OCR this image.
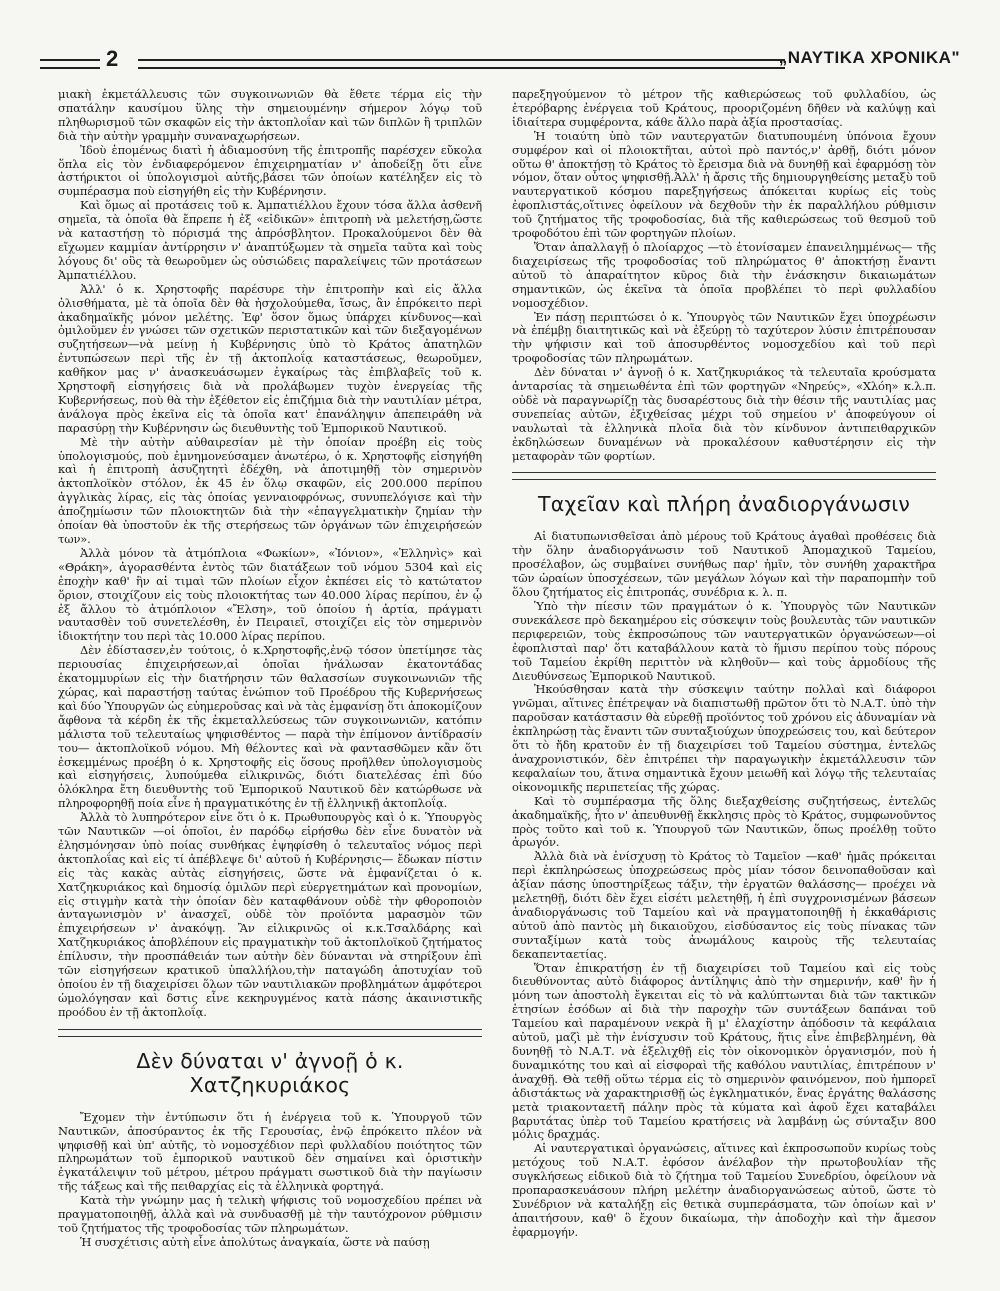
2	„ΝΑΥΤΙΚΑ ΧΡΟΝΙΚΑ"

μιακὴ ἐκμετάλλευσις τῶν συγκοινωνιῶν θὰ ἔθετε τέρμα εἰς τὴν σπατάλην καυσίμου ὕλης τὴν σημειουμένην σήμερον λόγῳ τοῦ πληθωρισμοῦ τῶν σκαφῶν εἰς τὴν ἀκτοπλοΐαν καὶ τῶν διπλῶν ἢ τριπλῶν διὰ τὴν αὐτὴν γραμμὴν συναναχωρήσεων.

Ἰδοὺ ἑπομένως διατὶ ἡ ἀδιαμοσύνη τῆς ἐπιτροπῆς παρέσχεν εὔκολα ὅπλα εἰς τὸν ἐνδιαφερόμενον ἐπιχειρηματίαν ν' ἀποδείξῃ ὅτι εἶνε ἀστήρικτοι οἱ ὑπολογισμοὶ αὐτῆς,βάσει τῶν ὁποίων κατέληξεν εἰς τὸ συμπέρασμα ποὺ εἰσηγήθη εἰς τὴν Κυβέρνησιν.

Καὶ ὅμως αἱ προτάσεις τοῦ κ. Ἀμπατιέλλου ἔχουν τόσα ἄλλα ἀσθενῆ σημεῖα, τὰ ὁποῖα θὰ ἔπρεπε ἡ ἐξ «εἰδικῶν» ἐπιτροπὴ νὰ μελετήσῃ,ὥστε νὰ καταστήσῃ τὸ πόρισμά της ἀπρόσβλητον. Προκαλούμενοι δὲν θὰ εἴχωμεν καμμίαν ἀντίρρησιν ν' ἀναπτύξωμεν τὰ σημεῖα ταῦτα καὶ τοὺς λόγους δι' οὓς τὰ θεωροῦμεν ὡς οὐσιώδεις παραλείψεις τῶν προτάσεων Ἀμπατιέλλου.

Ἀλλ' ὁ κ. Χρηστοφῆς παρέσυρε τὴν ἐπιτροπὴν καὶ εἰς ἄλλα ὀλισθήματα, μὲ τὰ ὁποῖα δὲν θὰ ἠσχολούμεθα, ἴσως, ἂν ἐπρόκειτο περὶ ἀκαδημαϊκῆς μόνον μελέτης. Ἐφ' ὅσον ὅμως ὑπάρχει κίνδυνος—καὶ ὁμιλοῦμεν ἐν γνώσει τῶν σχετικῶν περιστατικῶν καὶ τῶν διεξαγομένων συζητήσεων—νὰ μείνῃ ἡ Κυβέρνησις ὑπὸ τὸ Κράτος ἀπατηλῶν ἐντυπώσεων περὶ τῆς ἐν τῇ ἀκτοπλοΐᾳ καταστάσεως, θεωροῦμεν, καθῆκον μας ν' ἀνασκευάσωμεν ἐγκαίρως τὰς ἐπιβλαβεῖς τοῦ κ. Χρηστοφῆ εἰσηγήσεις διὰ νὰ προλάβωμεν τυχὸν ἐνεργείας τῆς Κυβερνήσεως, ποὺ θὰ τὴν ἐξέθετον εἰς ἐπιζήμια διὰ τὴν ναυτιλίαν μέτρα, ἀνάλογα πρὸς ἐκεῖνα εἰς τὰ ὁποῖα κατ' ἐπανάληψιν ἀπεπειράθη νὰ παρασύρῃ τὴν Κυβέρνησιν ὡς διευθυντὴς τοῦ Ἐμπορικοῦ Ναυτικοῦ.

Μὲ τὴν αὐτὴν αὐθαιρεσίαν μὲ τὴν ὁποίαν προέβη εἰς τοὺς ὑπολογισμούς, ποὺ ἐμνημονεύσαμεν ἀνωτέρω, ὁ κ. Χρηστοφῆς εἰσηγήθη καὶ ἡ ἐπιτροπὴ ἀσυζητητὶ ἐδέχθη, νὰ ἀποτιμηθῇ τὸν σημερινὸν ἀκτοπλοϊκὸν στόλον, ἐκ 45 ἐν ὅλῳ σκαφῶν, εἰς 200.000 περίπου ἀγγλικὰς λίρας, εἰς τὰς ὁποίας γενναιοφρόνως, συνυπελόγισε καὶ τὴν ἀποζημίωσιν τῶν πλοιοκτητῶν διὰ τὴν «ἐπαγγελματικὴν ζημίαν τὴν ὁποίαν θὰ ὑποστοῦν ἐκ τῆς στερήσεως τῶν ὀργάνων τῶν ἐπιχειρήσεών των».

Ἀλλὰ μόνον τὰ ἀτμόπλοια «Φωκίων», «Ἰόνιον», «Ἑλληνὶς» καὶ «Θράκη», ἀγορασθέντα ἐντὸς τῶν διατάξεων τοῦ νόμου 5304 καὶ εἰς ἐποχὴν καθ' ἣν αἱ τιμαὶ τῶν πλοίων εἶχον ἐκπέσει εἰς τὸ κατώτατον ὅριον, στοιχίζουν εἰς τοὺς πλοιοκτήτας των 40.000 λίρας περίπου, ἐν ᾧ ἐξ ἄλλου τὸ ἀτμόπλοιον «Ἔλση», τοῦ ὁποίου ἡ ἀρτία, πράγματι ναυτασθὲν τοῦ συνετελέσθη, ἐν Πειραιεῖ, στοιχίζει εἰς τὸν σημερινὸν ἰδιοκτήτην του περὶ τὰς 10.000 λίρας περίπου.

Δὲν ἐδίστασεν,ἐν τούτοις, ὁ κ.Χρηστοφῆς,ἐνῷ τόσον ὑπετίμησε τὰς περιουσίας ἐπιχειρήσεων,αἱ ὁποῖαι ἠνάλωσαν ἑκατοντάδας ἑκατομμυρίων εἰς τὴν διατήρησιν τῶν θαλασσίων συγκοινωνιῶν τῆς χώρας, καὶ παραστήσῃ ταύτας ἐνώπιον τοῦ Προέδρου τῆς Κυβερνήσεως καὶ δύο Ὑπουργῶν ὡς εὐημεροῦσας καὶ νὰ τὰς ἐμφανίσῃ ὅτι ἀποκομίζουν ἄφθονα τὰ κέρδη ἐκ τῆς ἐκμεταλλεύσεως τῶν συγκοινωνιῶν, κατόπιν μάλιστα τοῦ τελευταίως ψηφισθέντος — παρὰ τὴν ἐπίμονον ἀντίδρασίν του— ἀκτοπλοϊκοῦ νόμου. Μὴ θέλοντες καὶ νὰ φαντασθῶμεν κἂν ὅτι ἐσκεμμένως προέβη ὁ κ. Χρηστοφῆς εἰς ὅσους προῆλθεν ὑπολογισμοὺς καὶ εἰσηγήσεις, λυπούμεθα εἰλικρινῶς, διότι διατελέσας ἐπὶ δύο ὁλόκληρα ἔτη διευθυντὴς τοῦ Ἐμπορικοῦ Ναυτικοῦ δὲν κατώρθωσε νὰ πληροφορηθῇ ποία εἶνε ἡ πραγματικότης ἐν τῇ ἑλληνικῇ ἀκτοπλοΐᾳ.

Ἀλλὰ τὸ λυπηρότερον εἶνε ὅτι ὁ κ. Πρωθυπουργὸς καὶ ὁ κ. Ὑπουργὸς τῶν Ναυτικῶν —οἱ ὁποῖοι, ἐν παρόδῳ εἰρήσθω δὲν εἶνε δυνατὸν νὰ ἐλησμόνησαν ὑπὸ ποίας συνθήκας ἐψηφίσθη ὁ τελευταῖος νόμος περὶ ἀκτοπλοΐας καὶ εἰς τί ἀπέβλεψε δι' αὐτοῦ ἡ Κυβέρνησις— ἔδωκαν πίστιν εἰς τὰς κακὰς αὐτὰς εἰσηγήσεις, ὥστε νὰ ἐμφανίζεται ὁ κ. Χατζηκυριάκος καὶ δημοσίᾳ ὁμιλῶν περὶ εὐεργετημάτων καὶ προνομίων, εἰς στιγμὴν κατὰ τὴν ὁποίαν δὲν καταφθάνουν οὐδὲ τὴν φθοροποιὸν ἀνταγωνισμὸν ν' ἀνασχεῖ, οὐδὲ τὸν προϊόντα μαρασμὸν τῶν ἐπιχειρήσεων ν' ἀνακόψῃ. Ἂν εἰλικρινῶς οἱ κ.κ.Τσαλδάρης καὶ Χατζηκυριάκος ἀποβλέπουν εἰς πραγματικὴν τοῦ ἀκτοπλοϊκοῦ ζητήματος ἐπίλυσιν, τὴν προσπάθειάν των αὐτὴν δὲν δύνανται νὰ στηρίξουν ἐπὶ τῶν εἰσηγήσεων κρατικοῦ ὑπαλλήλου,τὴν παταγώδη ἀποτυχίαν τοῦ ὁποίου ἐν τῇ διαχειρίσει ὅλων τῶν ναυτιλιακῶν προβλημάτων ἀμφότεροι ὡμολόγησαν καὶ δστις εἶνε κεκηρυγμένος κατὰ πάσης ἀκαινιστικῆς προόδου ἐν τῇ ἀκτοπλοΐᾳ.

Δὲν δύναται ν' ἀγνοῇ ὁ κ. Χατζηκυριάκος

Ἔχομεν τὴν ἐντύπωσιν ὅτι ἡ ἐνέργεια τοῦ κ. Ὑπουργοῦ τῶν Ναυτικῶν, ἀποσύραντος ἐκ τῆς Γερουσίας, ἐνῷ ἐπρόκειτο πλέον νὰ ψηφισθῇ καὶ ὑπ' αὐτῆς, τὸ νομοσχέδιον περὶ φυλλαδίου ποιότητος τῶν πληρωμάτων τοῦ ἐμπορικοῦ ναυτικοῦ δὲν σημαίνει καὶ ὁριστικὴν ἐγκατάλειψιν τοῦ μέτρου, μέτρου πράγματι σωστικοῦ διὰ τὴν παγίωσιν τῆς τάξεως καὶ τῆς πειθαρχίας εἰς τὰ ἑλληνικὰ φορτηγά.

Κατὰ τὴν γνώμην μας ἡ τελικὴ ψήφισις τοῦ νομοσχεδίου πρέπει νὰ πραγματοποιηθῇ, ἀλλὰ καὶ νὰ συνδυασθῇ μὲ τὴν ταυτόχρονον ρύθμισιν τοῦ ζητήματος τῆς τροφοδοσίας τῶν πληρωμάτων.

Ἡ συσχέτισις αὐτὴ εἶνε ἀπολύτως ἀναγκαία, ὥστε νὰ παύσῃ

παρεξηγούμενον τὸ μέτρον τῆς καθιερώσεως τοῦ φυλλαδίου, ὡς ἑτερόβαρης ἐνέργεια τοῦ Κράτους, προοριζομένη δῆθεν νὰ καλύψῃ καὶ ἰδιαίτερα συμφέροντα, κάθε ἄλλο παρὰ ἀξία προστασίας.

Ἡ τοιαύτη ὑπὸ τῶν ναυτεργατῶν διατυπουμένη ὑπόνοια ἔχουν συμφέρον καὶ οἱ πλοιοκτῆται, αὐτοὶ πρὸ παντός,ν' ἀρθῇ, διότι μόνον οὕτω θ' ἀποκτήσῃ τὸ Κράτος τὸ ἔρεισμα διὰ νὰ δυνηθῇ καὶ ἐφαρμόσῃ τὸν νόμον, ὅταν οὗτος ψηφισθῇ.Ἀλλ' ἡ ἄρσις τῆς δημιουργηθείσης μεταξὺ τοῦ ναυτεργατικοῦ κόσμου παρεξηγήσεως ἀπόκειται κυρίως εἰς τοὺς ἐφοπλιστάς,οἵτινες ὀφείλουν νὰ δεχθοῦν τὴν ἐκ παραλλήλου ρύθμισιν τοῦ ζητήματος τῆς τροφοδοσίας, διὰ τῆς καθιερώσεως τοῦ θεσμοῦ τοῦ τροφοδότου ἐπὶ τῶν φορτηγῶν πλοίων.

Ὅταν ἀπαλλαγῇ ὁ πλοίαρχος —τὸ ἐτονίσαμεν ἐπανειλημμένως— τῆς διαχειρίσεως τῆς τροφοδοσίας τοῦ πληρώματος θ' ἀποκτήσῃ ἔναντι αὐτοῦ τὸ ἀπαραίτητον κῦρος διὰ τὴν ἐνάσκησιν δικαιωμάτων σημαντικῶν, ὡς ἐκεῖνα τὰ ὁποῖα προβλέπει τὸ περὶ φυλλαδίου νομοσχέδιον.

Ἐν πάσῃ περιπτώσει ὁ κ. Ὑπουργὸς τῶν Ναυτικῶν ἔχει ὑποχρέωσιν νὰ ἐπέμβῃ διαιτητικῶς καὶ νὰ ἐξεύρῃ τὸ ταχύτερον λύσιν ἐπιτρέπουσαν τὴν ψήφισιν καὶ τοῦ ἀποσυρθέντος νομοσχεδίου καὶ τοῦ περὶ τροφοδοσίας τῶν πληρωμάτων.

Δὲν δύναται ν' ἀγνοῇ ὁ κ. Χατζηκυριάκος τὰ τελευταῖα κρούσματα ἀνταρσίας τὰ σημειωθέντα ἐπὶ τῶν φορτηγῶν «Νηρεύς», «Χλόη» κ.λ.π. οὐδὲ νὰ παραγνωρίζῃ τὰς δυσαρέστους διὰ τὴν θέσιν τῆς ναυτιλίας μας συνεπείας αὐτῶν, ἐξιχθείσας μέχρι τοῦ σημείου ν' ἀποφεύγουν οἱ ναυλωταὶ τὰ ἑλληνικὰ πλοῖα διὰ τὸν κίνδυνον ἀντιπειθαρχικῶν ἐκδηλώσεων δυναμένων νὰ προκαλέσουν καθυστέρησιν εἰς τὴν μεταφορὰν τῶν φορτίων.

Ταχεῖαν καὶ πλήρη ἀναδιοργάνωσιν

Αἱ διατυπωνισθεῖσαι ἀπὸ μέρους τοῦ Κράτους ἀγαθαὶ προθέσεις διὰ τὴν ὅλην ἀναδιοργάνωσιν τοῦ Ναυτικοῦ Ἀπομαχικοῦ Ταμείου, προσέλαβον, ὡς συμβαίνει συνήθως παρ' ἡμῖν, τὸν συνήθη χαρακτῆρα τῶν ὡραίων ὑποσχέσεων, τῶν μεγάλων λόγων καὶ τὴν παραπομπὴν τοῦ ὅλου ζητήματος εἰς ἐπιτροπάς, συνέδρια κ. λ. π.

Ὑπὸ τὴν πίεσιν τῶν πραγμάτων ὁ κ. Ὑπουργὸς τῶν Ναυτικῶν συνεκάλεσε πρὸ δεκαημέρου εἰς σύσκεψιν τοὺς βουλευτὰς τῶν ναυτικῶν περιφερειῶν, τοὺς ἐκπροσώπους τῶν ναυτεργατικῶν ὀργανώσεων—οἱ ἐφοπλισταὶ παρ' ὅτι καταβάλλουν κατὰ τὸ ἥμισυ περίπου τοὺς πόρους τοῦ Ταμείου ἐκρίθη περιττὸν νὰ κληθοῦν— καὶ τοὺς ἁρμοδίους τῆς Διευθύνσεως Ἐμπορικοῦ Ναυτικοῦ.

Ἠκούσθησαν κατὰ τὴν σύσκεψιν ταύτην πολλαὶ καὶ διάφοροι γνῶμαι, αἵτινες ἐπέτρεψαν νὰ διαπιστωθῇ πρῶτον ὅτι τὸ Ν.Α.Τ. ὑπὸ τὴν παροῦσαν κατάστασιν θὰ εὑρεθῇ προϊόντος τοῦ χρόνου εἰς ἀδυναμίαν νὰ ἐκπληρώσῃ τὰς ἔναντι τῶν συνταξιούχων ὑποχρεώσεις του, καὶ δεύτερον ὅτι τὸ ἤδη κρατοῦν ἐν τῇ διαχειρίσει τοῦ Ταμείου σύστημα, ἐντελῶς ἀναχρονιστικόν, δὲν ἐπιτρέπει τὴν παραγωγικὴν ἐκμετάλλευσιν τῶν κεφαλαίων του, ἅτινα σημαντικὰ ἔχουν μειωθῆ καὶ λόγῳ τῆς τελευταίας οἰκονομικῆς περιπετείας τῆς χώρας.

Καὶ τὸ συμπέρασμα τῆς ὅλης διεξαχθείσης συζητήσεως, ἐντελῶς ἀκαδημαϊκῆς, ἦτο ν' ἀπευθυνθῇ ἔκκλησις πρὸς τὸ Κράτος, συμφωνοῦντος πρὸς τοῦτο καὶ τοῦ κ. Ὑπουργοῦ τῶν Ναυτικῶν, ὅπως προέλθῃ τοῦτο ἀρωγόν.

Ἀλλὰ διὰ νὰ ἐνίσχυσῃ τὸ Κράτος τὸ Ταμεῖον —καθ' ἡμᾶς πρόκειται περὶ ἐκπληρώσεως ὑποχρεώσεως πρὸς μίαν τόσον δεινοπαθοῦσαν καὶ ἀξίαν πάσης ὑποστηρίξεως τάξιν, τὴν ἐργατῶν θαλάσσης— προέχει νὰ μελετηθῇ, διότι δὲν ἔχει εἰσέτι μελετηθῇ, ἡ ἐπὶ συγχρονισμένων βάσεων ἀναδιοργάνωσις τοῦ Ταμείου καὶ νὰ πραγματοποιηθῇ ἡ ἐκκαθάρισις αὐτοῦ ἀπὸ παντὸς μὴ δικαιοῦχου, εἰσδύσαντος εἰς τοὺς πίνακας τῶν συνταξίμων κατὰ τοὺς ἀνωμάλους καιροὺς τῆς τελευταίας δεκαπενταετίας.

Ὅταν ἐπικρατήσῃ ἐν τῇ διαχειρίσει τοῦ Ταμείου καὶ εἰς τοὺς διευθύνοντας αὐτὸ διάφορος ἀντίληψις ἀπὸ τὴν σημερινήν, καθ' ἣν ἡ μόνη των ἀποστολὴ ἔγκειται εἰς τὸ νὰ καλύπτωνται διὰ τῶν τακτικῶν ἐτησίων ἐσόδων αἱ διὰ τὴν παροχὴν τῶν συντάξεων δαπάναι τοῦ Ταμείου καὶ παραμένουν νεκρὰ ἢ μ' ἐλαχίστην ἀπόδοσιν τὰ κεφάλαια αὐτοῦ, μαζὶ μὲ τὴν ἐνίσχυσιν τοῦ Κράτους, ἥτις εἶνε ἐπιβεβλημένη, θὰ δυνηθῇ τὸ Ν.Α.Τ. νὰ ἐξελιχθῇ εἰς τὸν οἰκονομικὸν ὀργανισμόν, ποὺ ἡ δυναμικότης του καὶ αἱ εἰσφοραὶ τῆς καθόλου ναυτιλίας, ἐπιτρέπουν ν' ἀναχθῇ. Θὰ τεθῇ οὕτω τέρμα εἰς τὸ σημερινὸν φαινόμενον, ποὺ ἠμπορεῖ ἀδιστάκτως νὰ χαρακτηρισθῇ ὡς ἐγκληματικόν, ἕνας ἐργάτης θαλάσσης μετὰ τριακονταετῆ πάλην πρὸς τὰ κύματα καὶ ἀφοῦ ἔχει καταβάλει βαρυτάτας ὑπὲρ τοῦ Ταμείου κρατήσεις νὰ λαμβάνῃ ὡς σύνταξιν 800 μόλις δραχμάς.

Αἱ ναυτεργατικαὶ ὀργανώσεις, αἵτινες καὶ ἐκπροσωποῦν κυρίως τοὺς μετόχους τοῦ Ν.Α.Τ. ἐφόσον ἀνέλαβον τὴν πρωτοβουλίαν τῆς συγκλήσεως εἰδικοῦ διὰ τὸ ζήτημα τοῦ Ταμείου Συνεδρίου, ὀφείλουν νὰ προπαρασκευάσουν πλήρη μελέτην ἀναδιοργανώσεως αὐτοῦ, ὥστε τὸ Συνέδριον νὰ καταλήξῃ εἰς θετικὰ συμπεράσματα, τῶν ὁποίων καὶ ν' ἀπαιτήσουν, καθ' ὃ ἔχουν δικαίωμα, τὴν ἀποδοχὴν καὶ τὴν ἄμεσον ἐφαρμογήν.
